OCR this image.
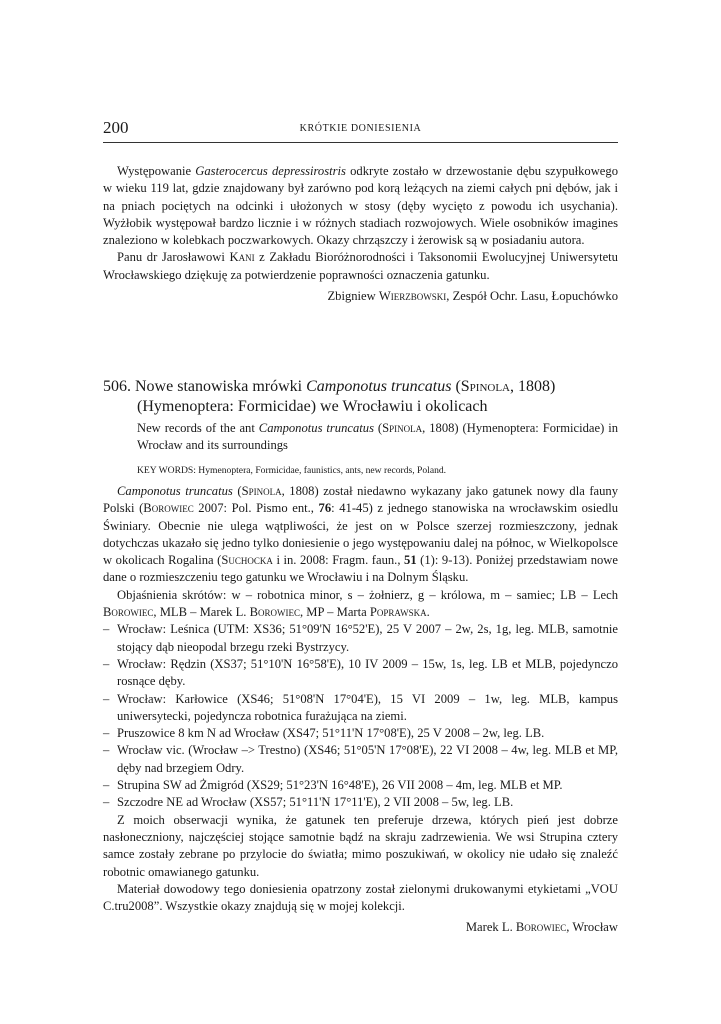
200	KRÓTKIE DONIESIENIA

Występowanie Gasterocercus depressirostris odkryte zostało w drzewostanie dębu szypułkowego w wieku 119 lat, gdzie znajdowany był zarówno pod korą leżących na ziemi całych pni dębów, jak i na pniach pociętych na odcinki i ułożonych w stosy (dęby wycięto z powodu ich usychania). Wyżłobik występował bardzo licznie i w różnych stadiach rozwojowych. Wiele osobników imagines znaleziono w kolebkach poczwarkowych. Okazy chrząszczy i żerowisk są w posiadaniu autora.

Panu dr Jarosławowi Kani z Zakładu Bioróżnorodności i Taksonomii Ewolucyjnej Uniwersytetu Wrocławskiego dziękuję za potwierdzenie poprawności oznaczenia gatunku.

Zbigniew Wierzbowski, Zespół Ochr. Lasu, Łopuchówko

506. Nowe stanowiska mrówki Camponotus truncatus (Spinola, 1808)
(Hymenoptera: Formicidae) we Wrocławiu i okolicach

New records of the ant Camponotus truncatus (Spinola, 1808) (Hymenoptera: Formicidae) in Wrocław and its surroundings

KEY WORDS: Hymenoptera, Formicidae, faunistics, ants, new records, Poland.

Camponotus truncatus (Spinola, 1808) został niedawno wykazany jako gatunek nowy dla fauny Polski (Borowiec 2007: Pol. Pismo ent., 76: 41-45) z jednego stanowiska na wrocławskim osiedlu Świniary. Obecnie nie ulega wątpliwości, że jest on w Polsce szerzej rozmieszczony, jednak dotychczas ukazało się jedno tylko doniesienie o jego występowaniu dalej na północ, w Wielkopolsce w okolicach Rogalina (Suchocka i in. 2008: Fragm. faun., 51 (1): 9-13). Poniżej przedstawiam nowe dane o rozmieszczeniu tego gatunku we Wrocławiu i na Dolnym Śląsku.

Objaśnienia skrótów: w – robotnica minor, s – żołnierz, g – królowa, m – samiec; LB – Lech Borowiec, MLB – Marek L. Borowiec, MP – Marta Poprawska.

– Wrocław: Leśnica (UTM: XS36; 51°09'N 16°52'E), 25 V 2007 – 2w, 2s, 1g, leg. MLB, samotnie stojący dąb nieopodal brzegu rzeki Bystrzycy.
– Wrocław: Rędzin (XS37; 51°10'N 16°58'E), 10 IV 2009 – 15w, 1s, leg. LB et MLB, pojedynczo rosnące dęby.
– Wrocław: Karłowice (XS46; 51°08'N 17°04'E), 15 VI 2009 – 1w, leg. MLB, kampus uniwersytecki, pojedyncza robotnica furażująca na ziemi.
– Pruszowice 8 km N ad Wrocław (XS47; 51°11'N 17°08'E), 25 V 2008 – 2w, leg. LB.
– Wrocław vic. (Wrocław –> Trestno) (XS46; 51°05'N 17°08'E), 22 VI 2008 – 4w, leg. MLB et MP, dęby nad brzegiem Odry.
– Strupina SW ad Żmigród (XS29; 51°23'N 16°48'E), 26 VII 2008 – 4m, leg. MLB et MP.
– Szczodre NE ad Wrocław (XS57; 51°11'N 17°11'E), 2 VII 2008 – 5w, leg. LB.

Z moich obserwacji wynika, że gatunek ten preferuje drzewa, których pień jest dobrze nasłoneczniony, najczęściej stojące samotnie bądź na skraju zadrzewienia. We wsi Strupina cztery samce zostały zebrane po przylocie do światła; mimo poszukiwań, w okolicy nie udało się znaleźć robotnic omawianego gatunku.

Materiał dowodowy tego doniesienia opatrzony został zielonymi drukowanymi etykietami „VOU C.tru2008”. Wszystkie okazy znajdują się w mojej kolekcji.

Marek L. Borowiec, Wrocław
